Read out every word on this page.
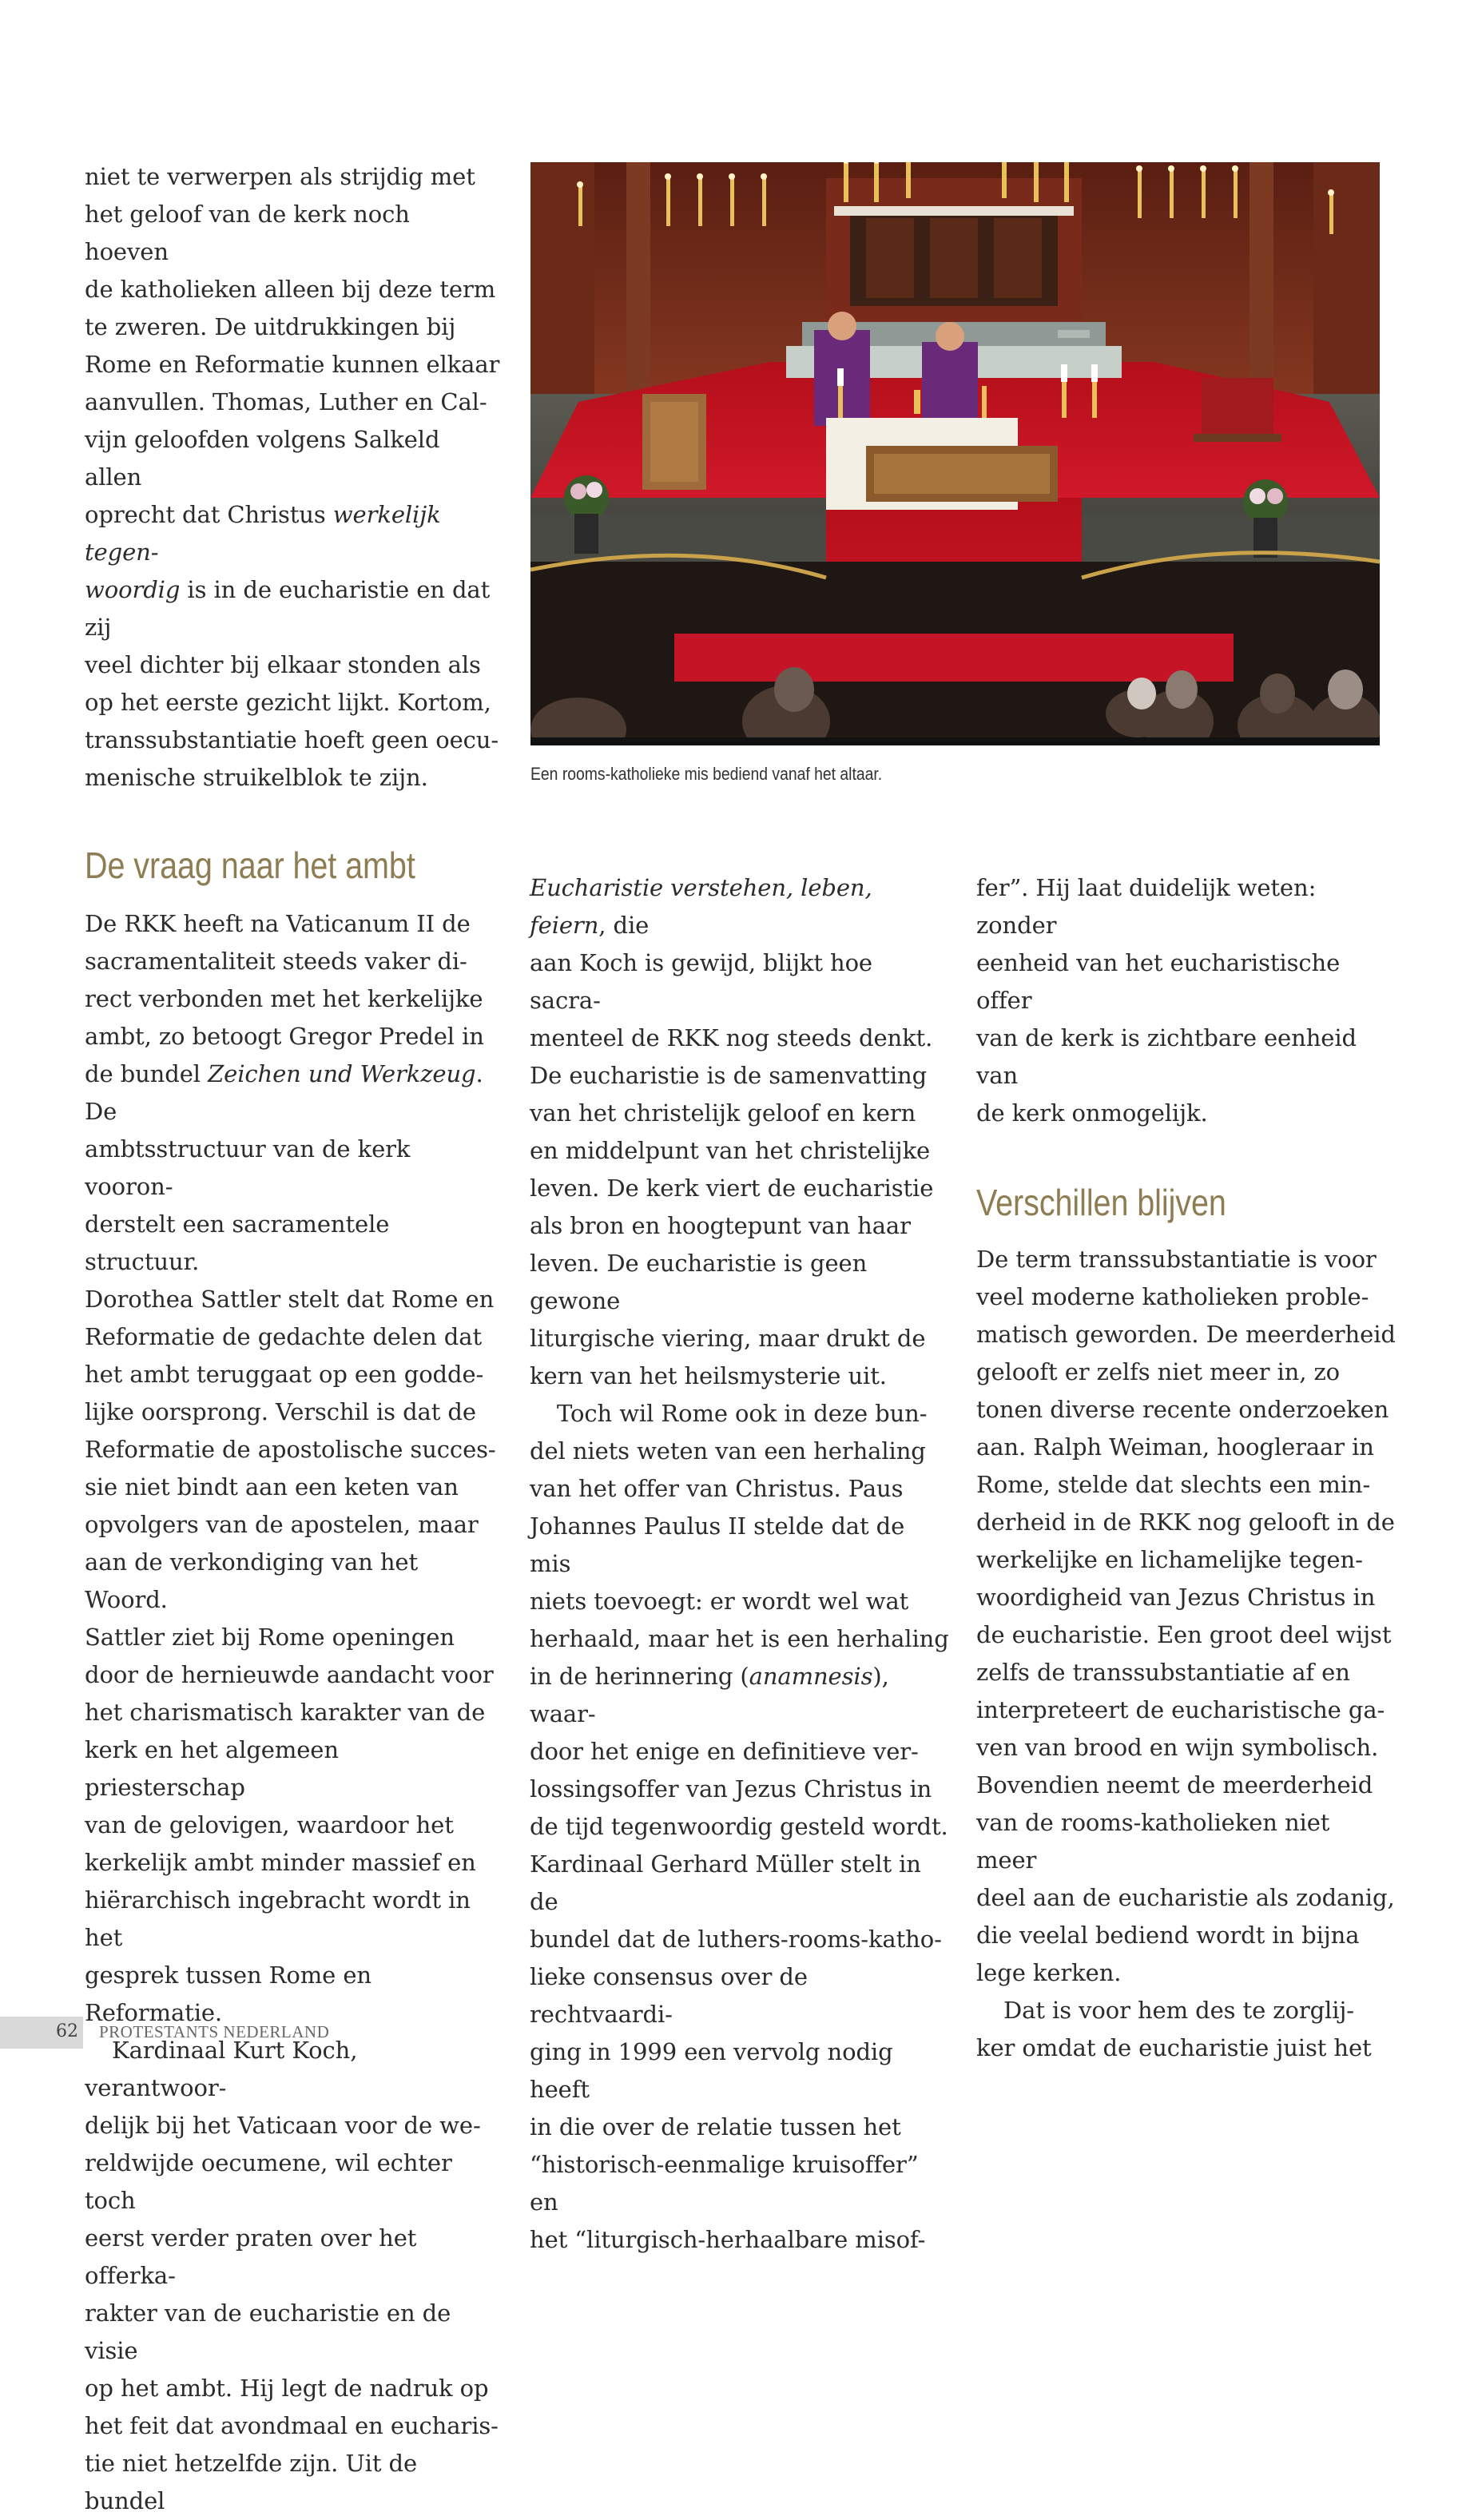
niet te verwerpen als strijdig met
het geloof van de kerk noch hoeven
de katholieken alleen bij deze term
te zweren. De uitdrukkingen bij
Rome en Reformatie kunnen elkaar
aanvullen. Thomas, Luther en Cal-
vijn geloofden volgens Salkeld allen
oprecht dat Christus werkelijk tegen-
woordig is in de eucharistie en dat zij
veel dichter bij elkaar stonden als
op het eerste gezicht lijkt. Kortom,
transsubstantiatie hoeft geen oecu-
menische struikelblok te zijn.

De vraag naar het ambt

De RKK heeft na Vaticanum II de
sacramentaliteit steeds vaker di-
rect verbonden met het kerkelijke
ambt, zo betoogt Gregor Predel in
de bundel Zeichen und Werkzeug. De
ambtsstructuur van de kerk vooron-
derstelt een sacramentele structuur.
Dorothea Sattler stelt dat Rome en
Reformatie de gedachte delen dat
het ambt teruggaat op een godde-
lijke oorsprong. Verschil is dat de
Reformatie de apostolische succes-
sie niet bindt aan een keten van
opvolgers van de apostelen, maar
aan de verkondiging van het Woord.
Sattler ziet bij Rome openingen
door de hernieuwde aandacht voor
het charismatisch karakter van de
kerk en het algemeen priesterschap
van de gelovigen, waardoor het
kerkelijk ambt minder massief en
hiërarchisch ingebracht wordt in het
gesprek tussen Rome en Reformatie.

Kardinaal Kurt Koch, verantwoor-
delijk bij het Vaticaan voor de we-
reldwijde oecumene, wil echter toch
eerst verder praten over het offerka-
rakter van de eucharistie en de visie
op het ambt. Hij legt de nadruk op
het feit dat avondmaal en eucharis-
tie niet hetzelfde zijn. Uit de bundel

Een rooms-katholieke mis bediend vanaf het altaar.

Eucharistie verstehen, leben, feiern, die
aan Koch is gewijd, blijkt hoe sacra-
menteel de RKK nog steeds denkt.
De eucharistie is de samenvatting
van het christelijk geloof en kern
en middelpunt van het christelijke
leven. De kerk viert de eucharistie
als bron en hoogtepunt van haar
leven. De eucharistie is geen gewone
liturgische viering, maar drukt de
kern van het heilsmysterie uit.

Toch wil Rome ook in deze bun-
del niets weten van een herhaling
van het offer van Christus. Paus
Johannes Paulus II stelde dat de mis
niets toevoegt: er wordt wel wat
herhaald, maar het is een herhaling
in de herinnering (anamnesis), waar-
door het enige en definitieve ver-
lossingsoffer van Jezus Christus in
de tijd tegenwoordig gesteld wordt.
Kardinaal Gerhard Müller stelt in de
bundel dat de luthers-rooms-katho-
lieke consensus over de rechtvaardi-
ging in 1999 een vervolg nodig heeft
in die over de relatie tussen het
“historisch-eenmalige kruisoffer” en
het “liturgisch-herhaalbare misof-

fer”. Hij laat duidelijk weten: zonder
eenheid van het eucharistische offer
van de kerk is zichtbare eenheid van
de kerk onmogelijk.

Verschillen blijven

De term transsubstantiatie is voor
veel moderne katholieken proble-
matisch geworden. De meerderheid
gelooft er zelfs niet meer in, zo
tonen diverse recente onderzoeken
aan. Ralph Weiman, hoogleraar in
Rome, stelde dat slechts een min-
derheid in de RKK nog gelooft in de
werkelijke en lichamelijke tegen-
woordigheid van Jezus Christus in
de eucharistie. Een groot deel wijst
zelfs de transsubstantiatie af en
interpreteert de eucharistische ga-
ven van brood en wijn symbolisch.
Bovendien neemt de meerderheid
van de rooms-katholieken niet meer
deel aan de eucharistie als zodanig,
die veelal bediend wordt in bijna
lege kerken.

Dat is voor hem des te zorglij-
ker omdat de eucharistie juist het

62 PROTESTANTS NEDERLAND
